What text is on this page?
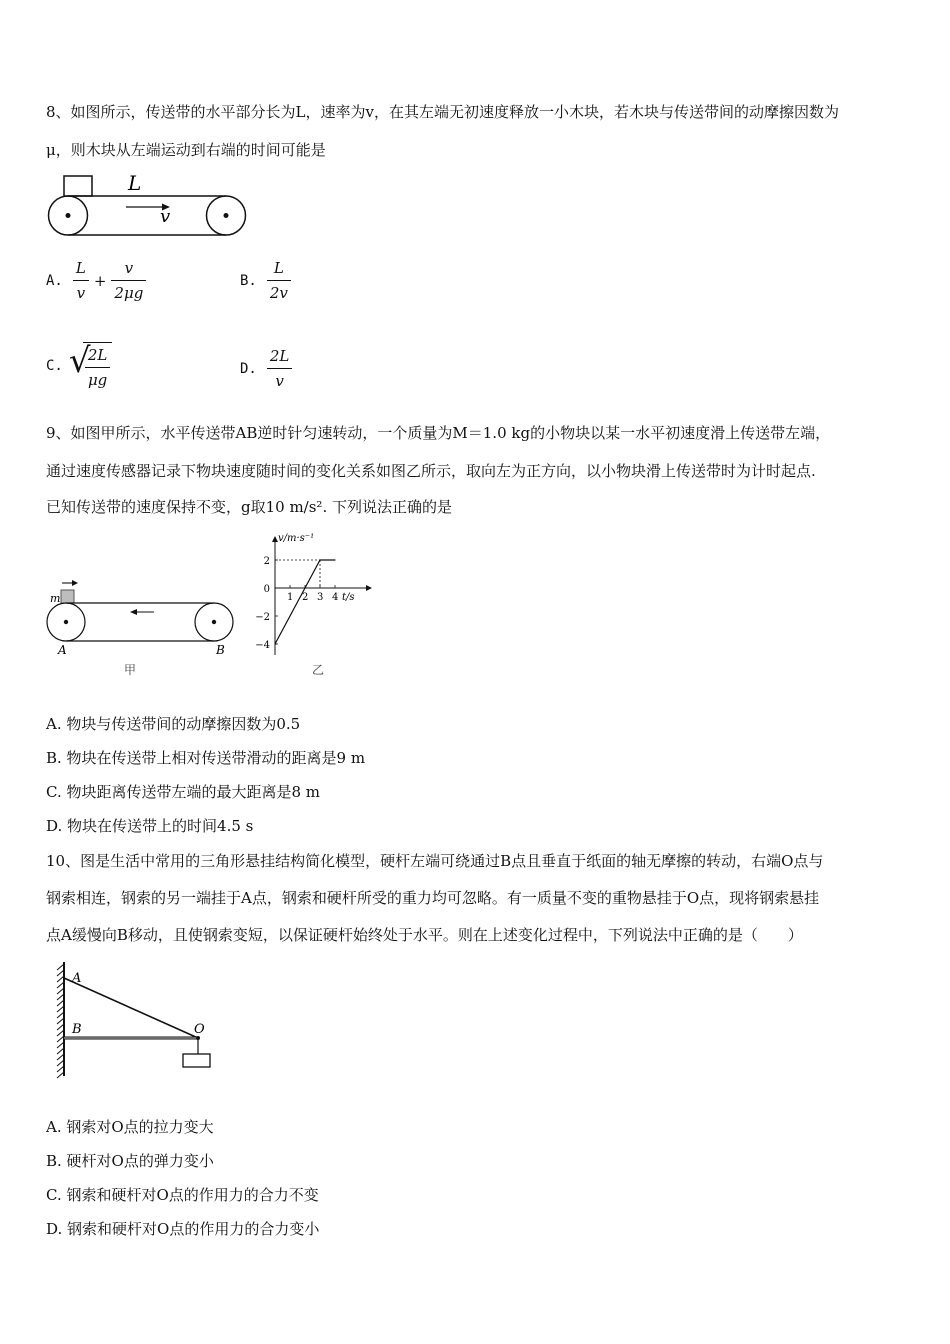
8、如图所示，传送带的水平部分长为L，速率为v，在其左端无初速度释放一小木块，若木块与传送带间的动摩擦因数为
μ，则木块从左端运动到右端的时间可能是
L
v
A. $\frac{L}{v} + \frac{v}{2\mu g}$	B. $\frac{L}{2v}$
C. √
$\frac{2L}{\mu g}$	D. $\frac{2L}{v}$
9、如图甲所示，水平传送带AB逆时针匀速转动，一个质量为M＝1.0 kg的小物块以某一水平初速度滑上传送带左端，
通过速度传感器记录下物块速度随时间的变化关系如图乙所示，取向左为正方向，以小物块滑上传送带时为计时起点.
已知传送带的速度保持不变，g取10 m/s². 下列说法正确的是
m
A	B
甲
v/m·s⁻¹
t/s
1 2 3 4
2
0
−2
−4
乙
A. 物块与传送带间的动摩擦因数为0.5
B. 物块在传送带上相对传送带滑动的距离是9 m
C. 物块距离传送带左端的最大距离是8 m
D. 物块在传送带上的时间4.5 s
10、图是生活中常用的三角形悬挂结构简化模型，硬杆左端可绕通过B点且垂直于纸面的轴无摩擦的转动，右端O点与
钢索相连，钢索的另一端挂于A点，钢索和硬杆所受的重力均可忽略。有一质量不变的重物悬挂于O点，现将钢索悬挂
点A缓慢向B移动，且使钢索变短，以保证硬杆始终处于水平。则在上述变化过程中，下列说法中正确的是（　　）
A
B	O
A. 钢索对O点的拉力变大
B. 硬杆对O点的弹力变小
C. 钢索和硬杆对O点的作用力的合力不变
D. 钢索和硬杆对O点的作用力的合力变小
